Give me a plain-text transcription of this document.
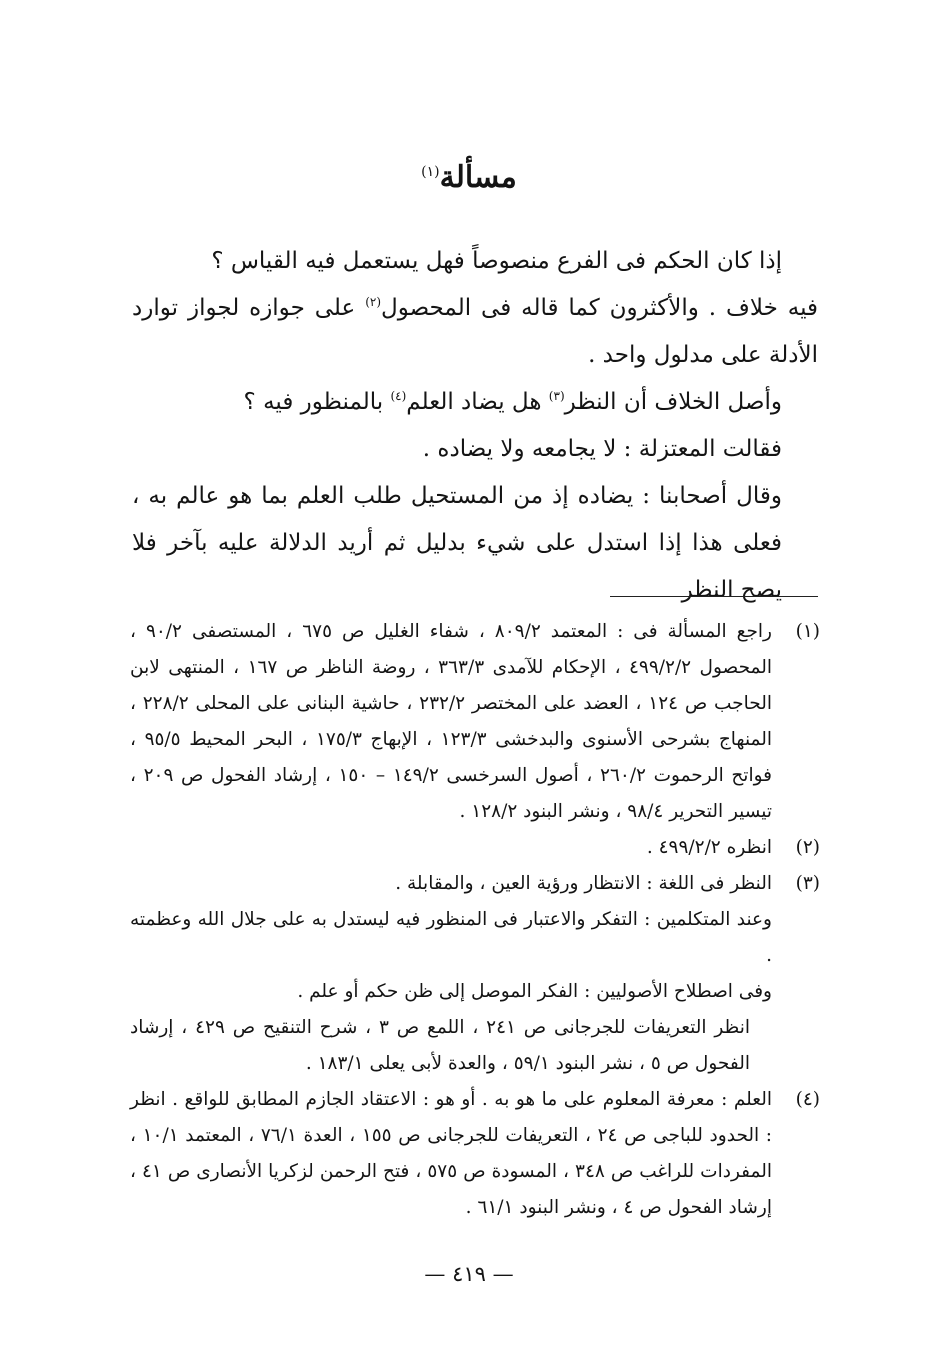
مسألة$^{(١)}$

إذا كان الحكم فى الفرع منصوصاً فهل يستعمل فيه القياس ؟

فيه خلاف . والأكثرون كما قاله فى المحصول$^{(٢)}$ على جوازه لجواز توارد الأدلة على مدلول واحد .

وأصل الخلاف أن النظر$^{(٣)}$ هل يضاد العلم$^{(٤)}$ بالمنظور فيه ؟

فقالت المعتزلة : لا يجامعه ولا يضاده .

وقال أصحابنا : يضاده إذ من المستحيل طلب العلم بما هو عالم به ، فعلى هذا إذا استدل على شيء بدليل ثم أريد الدلالة عليه بآخر فلا يصح النظر

(١)
راجع المسألة فى : المعتمد ٨٠٩/٢ ، شفاء الغليل ص ٦٧٥ ، المستصفى ٩٠/٢ ، المحصول ٤٩٩/٢/٢ ، الإحكام للآمدى ٣٦٣/٣ ، روضة الناظر ص ١٦٧ ، المنتهى لابن الحاجب ص ١٢٤ ، العضد على المختصر ٢٣٢/٢ ، حاشية البنانى على المحلى ٢٢٨/٢ ، المنهاج بشرحى الأسنوى والبدخشى ١٢٣/٣ ، الإبهاج ١٧٥/٣ ، البحر المحيط ٩٥/٥ ، فواتح الرحموت ٢٦٠/٢ ، أصول السرخسى ١٤٩/٢ – ١٥٠ ، إرشاد الفحول ص ٢٠٩ ، تيسير التحرير ٩٨/٤ ، ونشر البنود ١٢٨/٢ .
(٢)
انظره ٤٩٩/٢/٢ .
(٣)

النظر فى اللغة : الانتظار ورؤية العين ، والمقابلة .

وعند المتكلمين : التفكر والاعتبار فى المنظور فيه ليستدل به على جلال الله وعظمته .

وفى اصطلاح الأصوليين : الفكر الموصل إلى ظن حكم أو علم .

انظر التعريفات للجرجانى ص ٢٤١ ، اللمع ص ٣ ، شرح التنقيح ص ٤٢٩ ، إرشاد الفحول ص ٥ ، نشر البنود ٥٩/١ ، والعدة لأبى يعلى ١٨٣/١ .

(٤)
العلم : معرفة المعلوم على ما هو به . أو هو : الاعتقاد الجازم المطابق للواقع . انظر : الحدود للباجى ص ٢٤ ، التعريفات للجرجانى ص ١٥٥ ، العدة ٧٦/١ ، المعتمد ١٠/١ ، المفردات للراغب ص ٣٤٨ ، المسودة ص ٥٧٥ ، فتح الرحمن لزكريا الأنصارى ص ٤١ ، إرشاد الفحول ص ٤ ، ونشر البنود ٦١/١ .
— ٤١٩ —
